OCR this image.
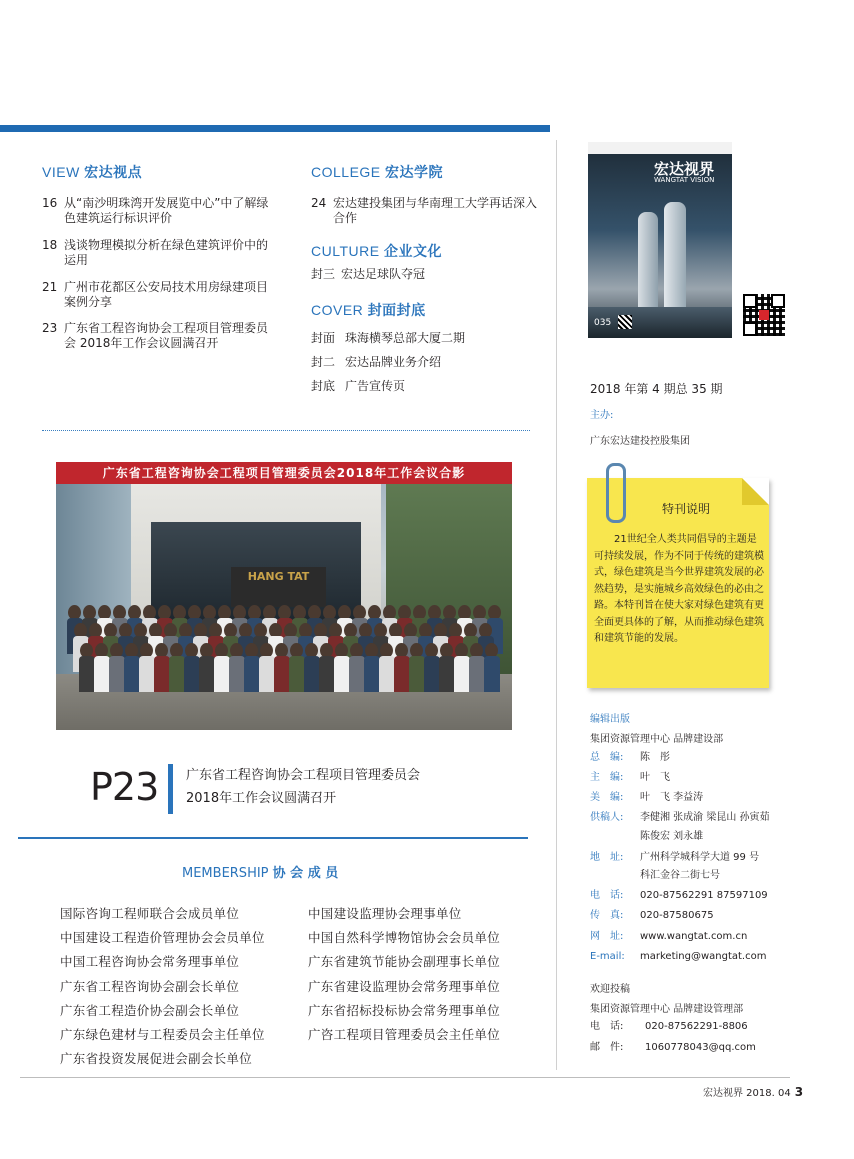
VIEW 宏达视点
16 从“南沙明珠湾开发展览中心”中了解绿色建筑运行标识评价
18 浅谈物理模拟分析在绿色建筑评价中的运用
21 广州市花都区公安局技术用房绿建项目案例分享
23 广东省工程咨询协会工程项目管理委员会 2018年工作会议圆满召开
COLLEGE 宏达学院
24 宏达建投集团与华南理工大学再话深入合作
CULTURE 企业文化
封三 宏达足球队夺冠
COVER 封面封底
封面 珠海横琴总部大厦二期
封二 宏达品牌业务介绍
封底 广告宣传页
HANG TAT
广东省工程咨询协会工程项目管理委员会2018年工作会议合影
P23 广东省工程咨询协会工程项目管理委员会
2018年工作会议圆满召开
MEMBERSHIP 协 会 成 员
国际咨询工程师联合会成员单位
中国建设工程造价管理协会会员单位
中国工程咨询协会常务理事单位
广东省工程咨询协会副会长单位
广东省工程造价协会副会长单位
广东绿色建材与工程委员会主任单位
广东省投资发展促进会副会长单位
中国建设监理协会理事单位
中国自然科学博物馆协会会员单位
广东省建筑节能协会副理事长单位
广东省建设监理协会常务理事单位
广东省招标投标协会常务理事单位
广咨工程项目管理委员会主任单位
宏达视界
WANGTAT VISION
035
2018 年第 4 期总 35 期
主办:
广东宏达建投控股集团
特刊说明
21世纪全人类共同倡导的主题是可持续发展，作为不同于传统的建筑模式，绿色建筑是当今世界建筑发展的必然趋势，是实施城乡高效绿色的必由之路。本特刊旨在使大家对绿色建筑有更全面更具体的了解，从而推动绿色建筑和建筑节能的发展。
编辑出版
集团资源管理中心 品牌建设部
总　编: 陈　彤
主　编: 叶　飞
美　编: 叶　飞 李益涛
供稿人: 李健湘 张成渝 梁昆山 孙寅茹
陈俊宏 刘永雄
地　址: 广州科学城科学大道 99 号
科汇金谷二街七号
电　话: 020-87562291 87597109
传　真: 020-87580675
网　址: www.wangtat.com.cn
E-mail: marketing@wangtat.com
欢迎投稿
集团资源管理中心 品牌建设管理部
电　话: 020-87562291-8806
邮　件: 1060778043@qq.com
宏达视界 2018. 04 3
